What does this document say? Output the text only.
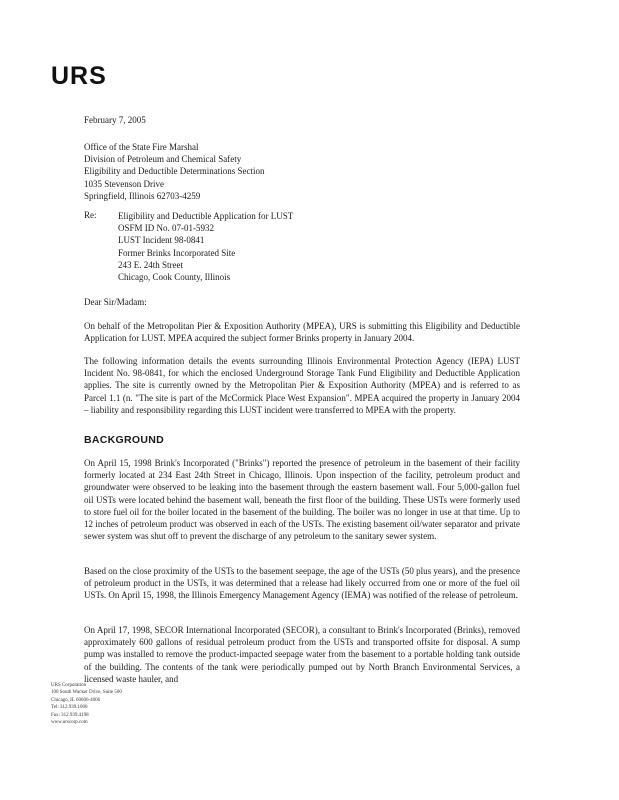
URS
February 7, 2005
Office of the State Fire Marshal
Division of Petroleum and Chemical Safety
Eligibility and Deductible Determinations Section
1035 Stevenson Drive
Springfield, Illinois 62703-4259
Re: Eligibility and Deductible Application for LUST
OSFM ID No. 07-01-5932
LUST Incident 98-0841
Former Brinks Incorporated Site
243 E. 24th Street
Chicago, Cook County, Illinois
Dear Sir/Madam:

On behalf of the Metropolitan Pier & Exposition Authority (MPEA), URS is submitting this Eligibility and Deductible Application for LUST. MPEA acquired the subject former Brinks property in January 2004.

The following information details the events surrounding Illinois Environmental Protection Agency (IEPA) LUST Incident No. 98-0841, for which the enclosed Underground Storage Tank Fund Eligibility and Deductible Application applies. The site is currently owned by the Metropolitan Pier & Exposition Authority (MPEA) and is referred to as Parcel 1.1 (n. "The site is part of the McCormick Place West Expansion". MPEA acquired the property in January 2004 – liability and responsibility regarding this LUST incident were transferred to MPEA with the property.

BACKGROUND

On April 15, 1998 Brink's Incorporated ("Brinks") reported the presence of petroleum in the basement of their facility formerly located at 234 East 24th Street in Chicago, Illinois. Upon inspection of the facility, petroleum product and groundwater were observed to be leaking into the basement through the eastern basement wall. Four 5,000-gallon fuel oil USTs were located behind the basement wall, beneath the first floor of the building. These USTs were formerly used to store fuel oil for the boiler located in the basement of the building. The boiler was no longer in use at that time. Up to 12 inches of petroleum product was observed in each of the USTs. The existing basement oil/water separator and private sewer system was shut off to prevent the discharge of any petroleum to the sanitary sewer system.

Based on the close proximity of the USTs to the basement seepage, the age of the USTs (50 plus years), and the presence of petroleum product in the USTs, it was determined that a release had likely occurred from one or more of the fuel oil USTs. On April 15, 1998, the Illinois Emergency Management Agency (IEMA) was notified of the release of petroleum.

On April 17, 1998, SECOR International Incorporated (SECOR), a consultant to Brink's Incorporated (Brinks), removed approximately 600 gallons of residual petroleum product from the USTs and transported offsite for disposal. A sump pump was installed to remove the product-impacted seepage water from the basement to a portable holding tank outside of the building. The contents of the tank were periodically pumped out by North Branch Environmental Services, a licensed waste hauler, and

URS Corporation
100 South Wacker Drive, Suite 500
Chicago, IL 60606-4006
Tel: 312.939.1000
Fax: 312.939.4198
www.urscorp.com
